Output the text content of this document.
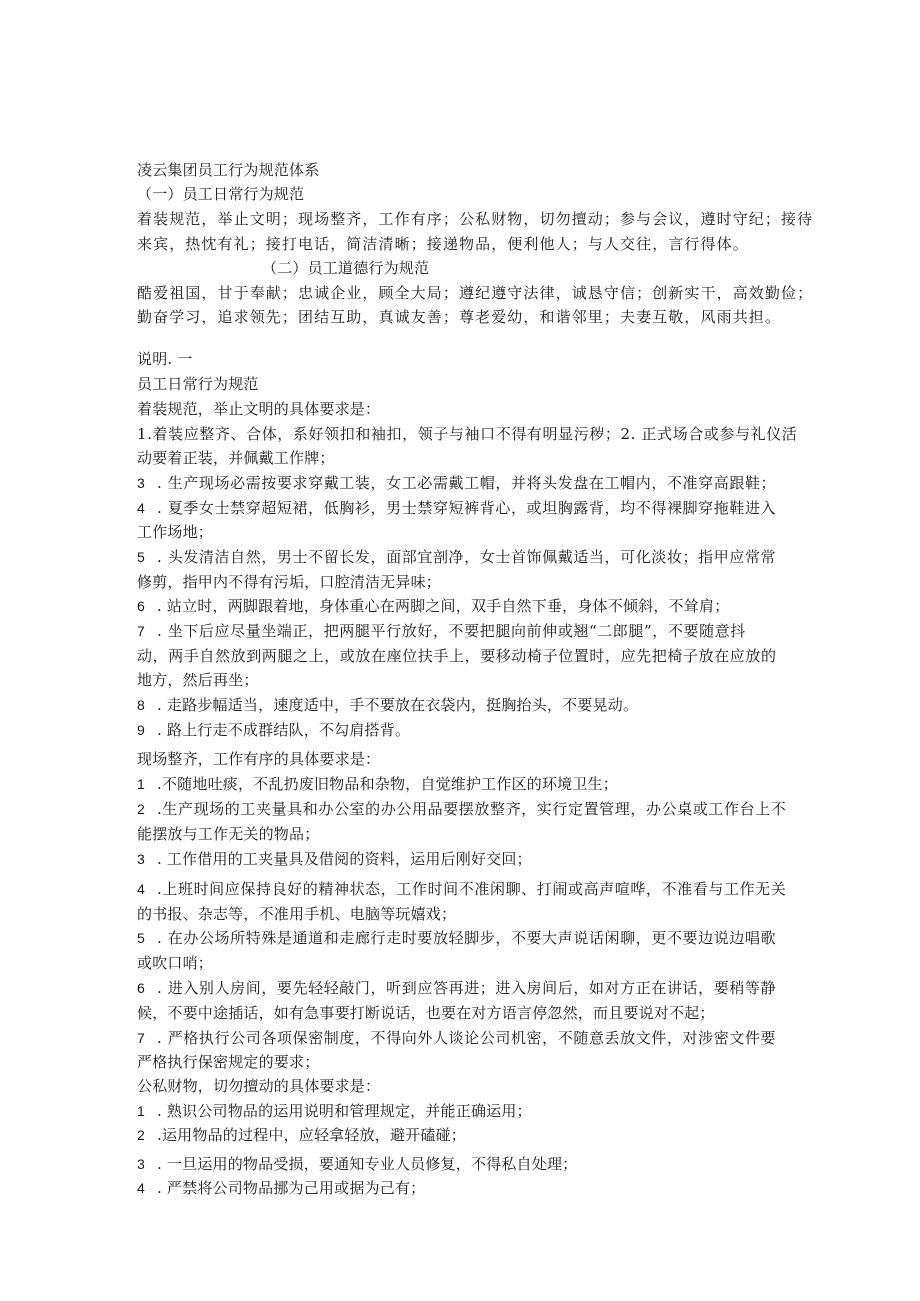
凌云集团员工行为规范体系
（一）员工日常行为规范
着装规范，举止文明；现场整齐，工作有序；公私财物，切勿擅动；参与会议，遵时守纪；接待
来宾，热忱有礼；接打电话，简洁清晰；接递物品，便利他人；与人交往，言行得体。
（二）员工道德行为规范
酷爱祖国，甘于奉献；忠诚企业，顾全大局；遵纪遵守法律，诚恳守信；创新实干，高效勤俭；
勤奋学习，追求领先；团结互助，真诚友善；尊老爱幼，和谐邻里；夫妻互敬，风雨共担。
说明. 一
员工日常行为规范
着装规范，举止文明的具体要求是：
1.着装应整齐、合体，系好领扣和袖扣，领子与袖口不得有明显污秽；2. 正式场合或参与礼仪活
动要着正装，并佩戴工作牌；
3 . 生产现场必需按要求穿戴工装，女工必需戴工帽，并将头发盘在工帽内，不准穿高跟鞋；
4 . 夏季女士禁穿超短裙，低胸衫，男士禁穿短裤背心，或坦胸露背，均不得裸脚穿拖鞋进入
工作场地；
5 . 头发清洁自然，男士不留长发，面部宜剖净，女士首饰佩戴适当，可化淡妆；指甲应常常
修剪，指甲内不得有污垢，口腔清洁无异味；
6 . 站立时，两脚跟着地，身体重心在两脚之间，双手自然下垂，身体不倾斜，不耸肩；
7 . 坐下后应尽量坐端正，把两腿平行放好，不要把腿向前伸或翘“二郎腿”，不要随意抖
动，两手自然放到两腿之上，或放在座位扶手上，要移动椅子位置时，应先把椅子放在应放的
地方，然后再坐；
8 . 走路步幅适当，速度适中，手不要放在衣袋内，挺胸抬头，不要晃动。
9 . 路上行走不成群结队，不勾肩搭背。
现场整齐，工作有序的具体要求是：
1 .不随地吐痰，不乱扔废旧物品和杂物，自觉维护工作区的环境卫生；
2 .生产现场的工夹量具和办公室的办公用品要摆放整齐，实行定置管理，办公桌或工作台上不
能摆放与工作无关的物品；
3 . 工作借用的工夹量具及借阅的资料，运用后刚好交回；
4 .上班时间应保持良好的精神状态，工作时间不准闲聊、打闹或高声喧哗，不准看与工作无关
的书报、杂志等，不准用手机、电脑等玩嬉戏；
5 . 在办公场所特殊是通道和走廊行走时要放轻脚步，不要大声说话闲聊，更不要边说边唱歌
或吹口哨；
6 . 进入别人房间，要先轻轻敲门，听到应答再进；进入房间后，如对方正在讲话，要稍等静
候，不要中途插话，如有急事要打断说话，也要在对方语言停忽然，而且要说对不起；
7 . 严格执行公司各项保密制度，不得向外人谈论公司机密，不随意丢放文件，对涉密文件要
严格执行保密规定的要求；
公私财物，切勿擅动的具体要求是：
1 . 熟识公司物品的运用说明和管理规定，并能正确运用；
2 .运用物品的过程中，应轻拿轻放，避开磕碰；
3 . 一旦运用的物品受损，要通知专业人员修复，不得私自处理；
4 . 严禁将公司物品挪为己用或据为己有；
